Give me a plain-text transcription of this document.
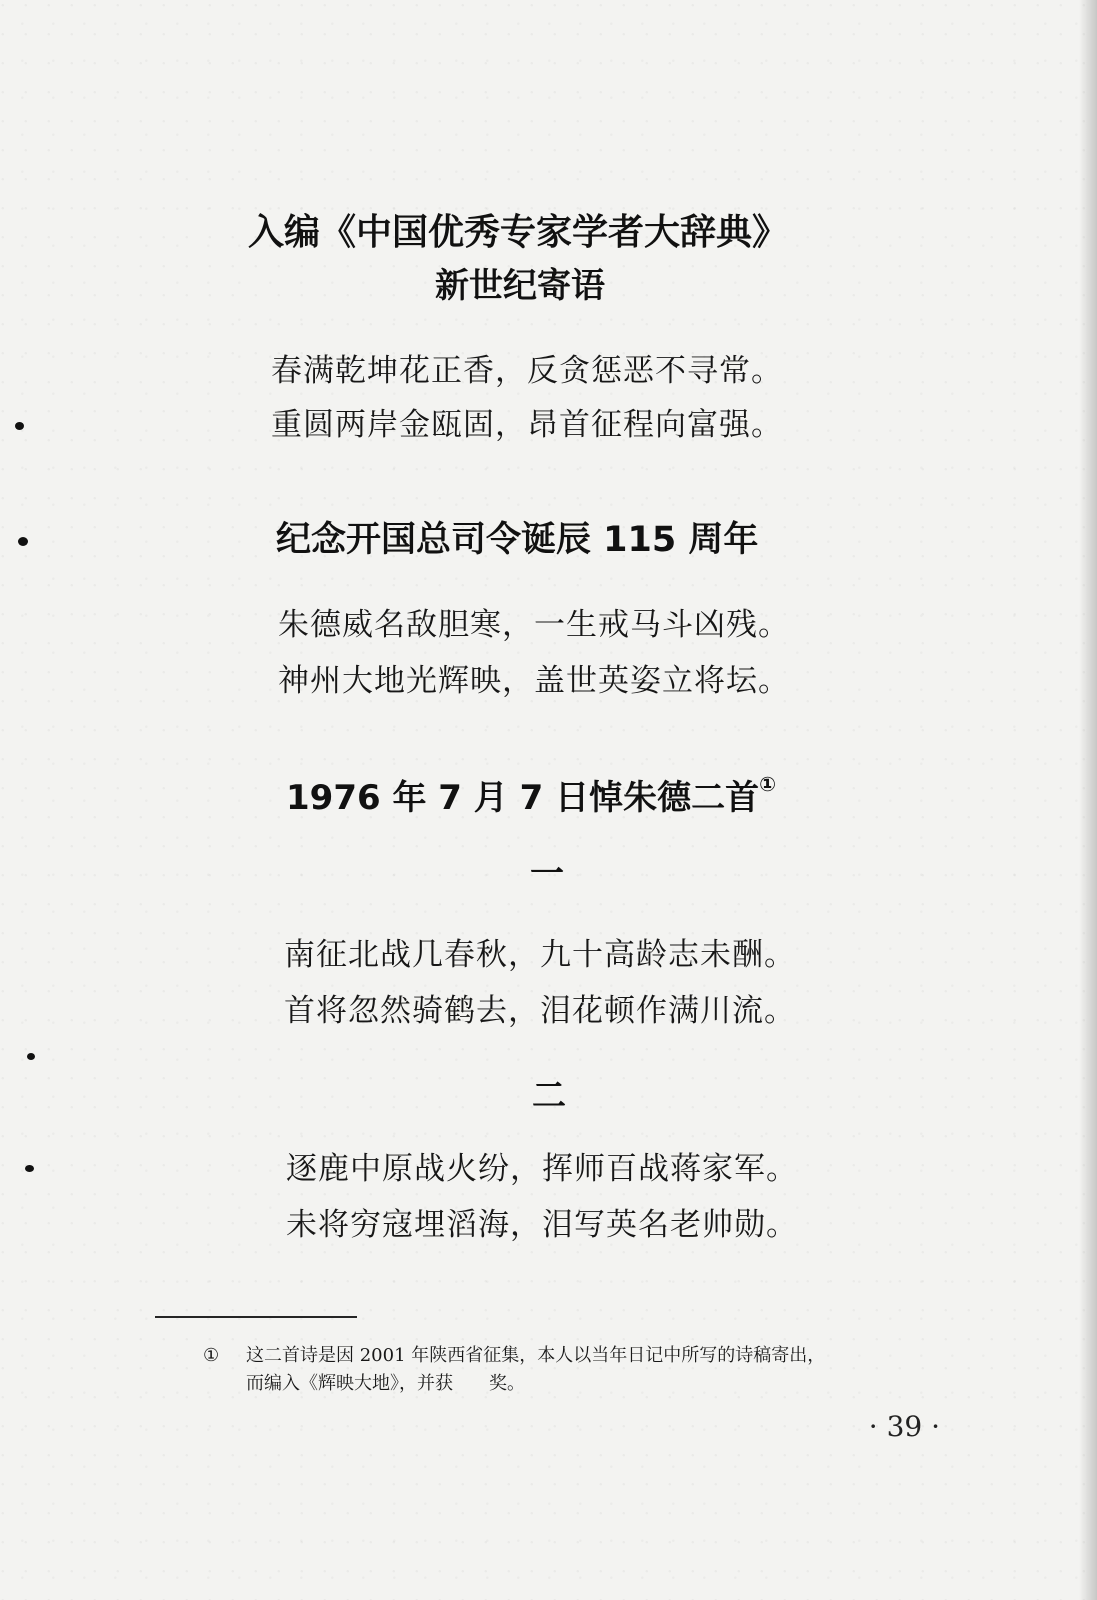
入编《中国优秀专家学者大辞典》
新世纪寄语
春满乾坤花正香，反贪惩恶不寻常。
重圆两岸金瓯固，昂首征程向富强。
纪念开国总司令诞辰 115 周年
朱德威名敌胆寒，一生戒马斗凶残。
神州大地光辉映，盖世英姿立将坛。
1976 年 7 月 7 日悼朱德二首①
一
南征北战几春秋，九十高龄志未酬。
首将忽然骑鹤去，泪花顿作满川流。
二
逐鹿中原战火纷，挥师百战蒋家军。
未将穷寇埋滔海，泪写英名老帅勋。
① 这二首诗是因 2001 年陕西省征集，本人以当年日记中所写的诗稿寄出，
而编入《辉映大地》，并获　　奖。
· 39 ·
